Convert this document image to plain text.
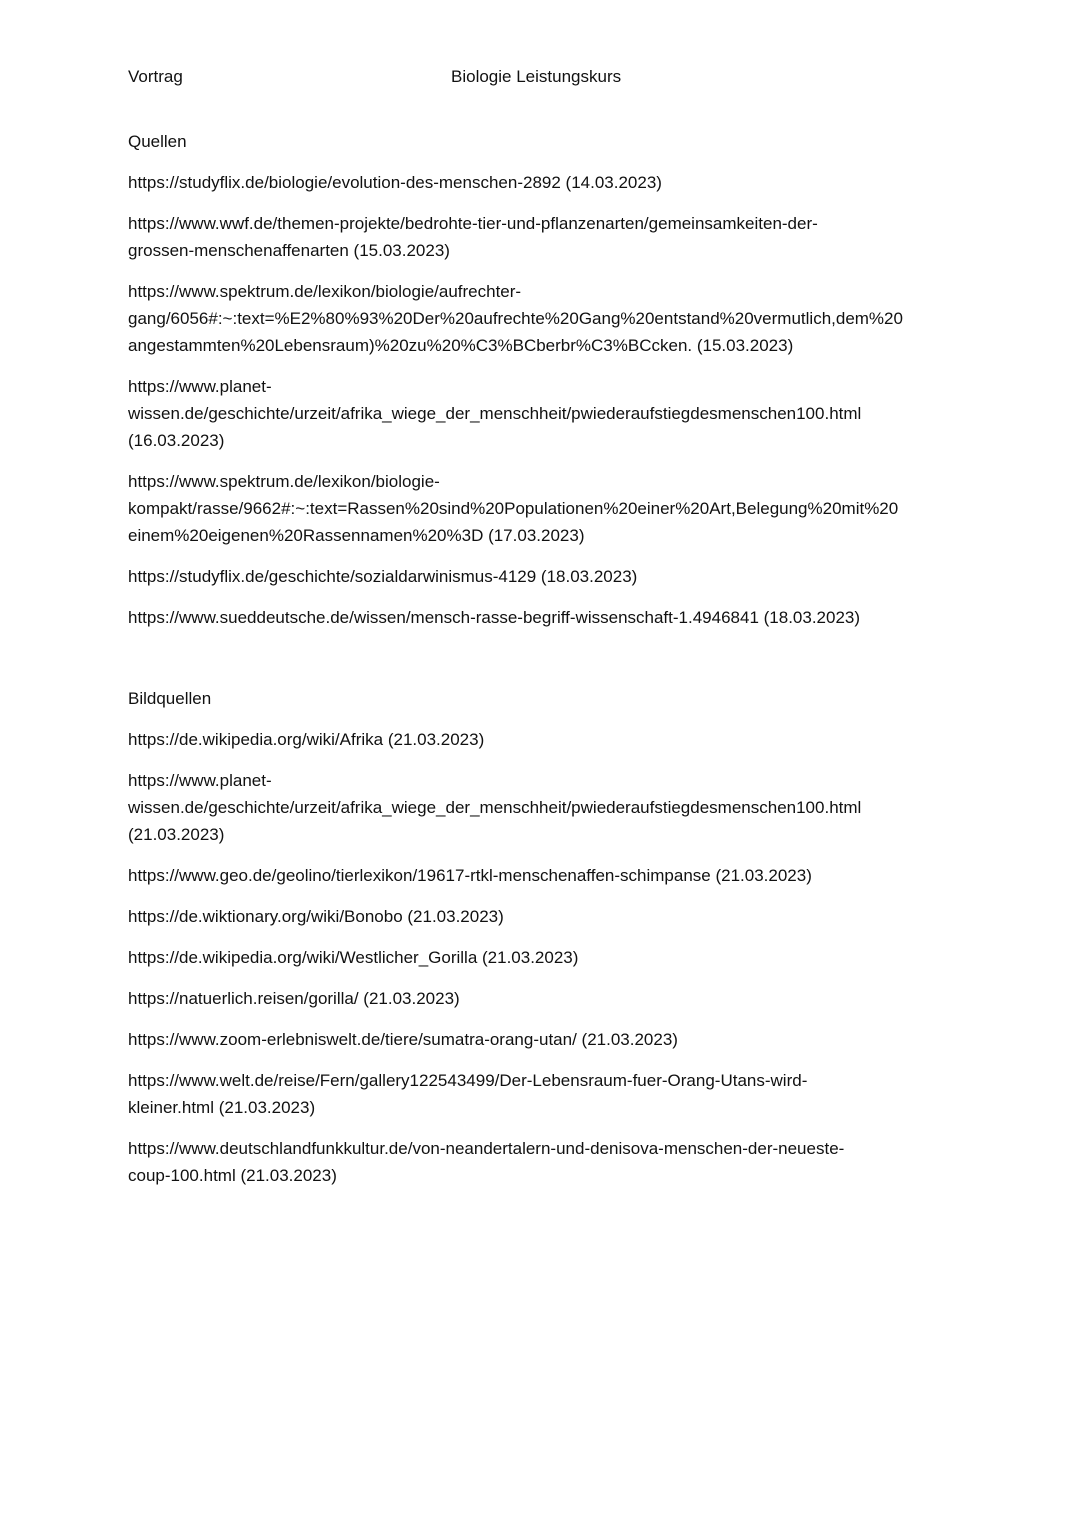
Vortrag	Biologie Leistungskurs
Quellen
https://studyflix.de/biologie/evolution-des-menschen-2892 (14.03.2023)
https://www.wwf.de/themen-projekte/bedrohte-tier-und-pflanzenarten/gemeinsamkeiten-der-
grossen-menschenaffenarten (15.03.2023)
https://www.spektrum.de/lexikon/biologie/aufrechter-
gang/6056#:~:text=%E2%80%93%20Der%20aufrechte%20Gang%20entstand%20vermutlich,dem%20
angestammten%20Lebensraum)%20zu%20%C3%BCberbr%C3%BCcken. (15.03.2023)
https://www.planet-
wissen.de/geschichte/urzeit/afrika_wiege_der_menschheit/pwiederaufstiegdesmenschen100.html
(16.03.2023)
https://www.spektrum.de/lexikon/biologie-
kompakt/rasse/9662#:~:text=Rassen%20sind%20Populationen%20einer%20Art,Belegung%20mit%20
einem%20eigenen%20Rassennamen%20%3D (17.03.2023)
https://studyflix.de/geschichte/sozialdarwinismus-4129 (18.03.2023)
https://www.sueddeutsche.de/wissen/mensch-rasse-begriff-wissenschaft-1.4946841 (18.03.2023)
Bildquellen
https://de.wikipedia.org/wiki/Afrika (21.03.2023)
https://www.planet-
wissen.de/geschichte/urzeit/afrika_wiege_der_menschheit/pwiederaufstiegdesmenschen100.html
(21.03.2023)
https://www.geo.de/geolino/tierlexikon/19617-rtkl-menschenaffen-schimpanse (21.03.2023)
https://de.wiktionary.org/wiki/Bonobo (21.03.2023)
https://de.wikipedia.org/wiki/Westlicher_Gorilla (21.03.2023)
https://natuerlich.reisen/gorilla/ (21.03.2023)
https://www.zoom-erlebniswelt.de/tiere/sumatra-orang-utan/ (21.03.2023)
https://www.welt.de/reise/Fern/gallery122543499/Der-Lebensraum-fuer-Orang-Utans-wird-
kleiner.html (21.03.2023)
https://www.deutschlandfunkkultur.de/von-neandertalern-und-denisova-menschen-der-neueste-
coup-100.html (21.03.2023)
